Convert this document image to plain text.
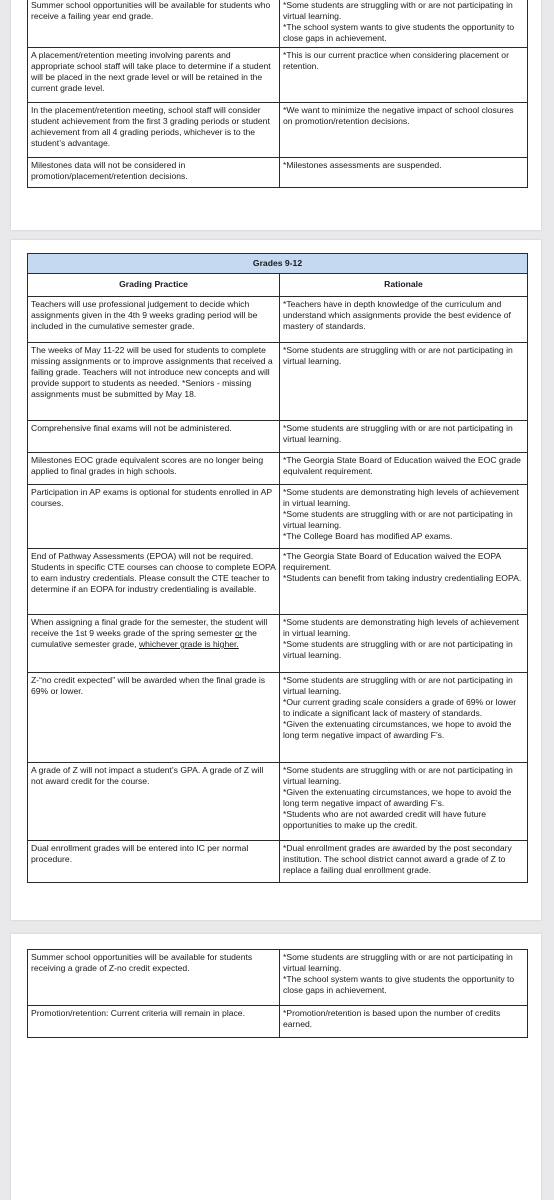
Summer school opportunities will be available for students who receive a failing year end grade.	*Some students are struggling with or are not participating in virtual learning.
*The school system wants to give students the opportunity to close gaps in achievement.
A placement/retention meeting involving parents and appropriate school staff will take place to determine if a student will be placed in the next grade level or will be retained in the current grade level.	*This is our current practice when considering placement or retention.
In the placement/retention meeting, school staff will consider student achievement from the first 3 grading periods or student achievement from all 4 grading periods, whichever is to the student’s advantage.	*We want to minimize the negative impact of school closures on promotion/retention decisions.
Milestones data will not be considered in promotion/placement/retention decisions.	*Milestones assessments are suspended.
Grades 9-12	
Grading Practice	Rationale
Teachers will use professional judgement to decide which assignments given in the 4th 9 weeks grading period will be included in the cumulative semester grade.	*Teachers have in depth knowledge of the curriculum and understand which assignments provide the best evidence of mastery of standards.
The weeks of May 11-22 will be used for students to complete missing assignments or to improve assignments that received a failing grade. Teachers will not introduce new concepts and will provide support to students as needed. *Seniors - missing assignments must be submitted by May 18.	*Some students are struggling with or are not participating in virtual learning.
Comprehensive final exams will not be administered.	*Some students are struggling with or are not participating in virtual learning.
Milestones EOC grade equivalent scores are no longer being applied to final grades in high schools.	*The Georgia State Board of Education waived the EOC grade equivalent requirement.
Participation in AP exams is optional for students enrolled in AP courses.	*Some students are demonstrating high levels of achievement in virtual learning.
*Some students are struggling with or are not participating in virtual learning.
*The College Board has modified AP exams.
End of Pathway Assessments (EPOA) will not be required. Students in specific CTE courses can choose to complete EOPA to earn industry credentials. Please consult the CTE teacher to determine if an EOPA for industry credentialing is available.	*The Georgia State Board of Education waived the EOPA requirement.
*Students can benefit from taking industry credentialing EOPA.
When assigning a final grade for the semester, the student will receive the 1st 9 weeks grade of the spring semester or the cumulative semester grade, whichever grade is higher.	*Some students are demonstrating high levels of achievement in virtual learning.
*Some students are struggling with or are not participating in virtual learning.
Z-“no credit expected” will be awarded when the final grade is 69% or lower.	*Some students are struggling with or are not participating in virtual learning.
*Our current grading scale considers a grade of 69% or lower to indicate a significant lack of mastery of standards.
*Given the extenuating circumstances, we hope to avoid the long term negative impact of awarding F’s.
A grade of Z will not impact a student’s GPA. A grade of Z will not award credit for the course.	*Some students are struggling with or are not participating in virtual learning.
*Given the extenuating circumstances, we hope to avoid the long term negative impact of awarding F’s.
*Students who are not awarded credit will have future opportunities to make up the credit.
Dual enrollment grades will be entered into IC per normal procedure.	*Dual enrollment grades are awarded by the post secondary institution. The school district cannot award a grade of Z to replace a failing dual enrollment grade.
Summer school opportunities will be available for students receiving a grade of Z-no credit expected.	*Some students are struggling with or are not participating in virtual learning.
*The school system wants to give students the opportunity to close gaps in achievement.
Promotion/retention: Current criteria will remain in place.	*Promotion/retention is based upon the number of credits earned.
